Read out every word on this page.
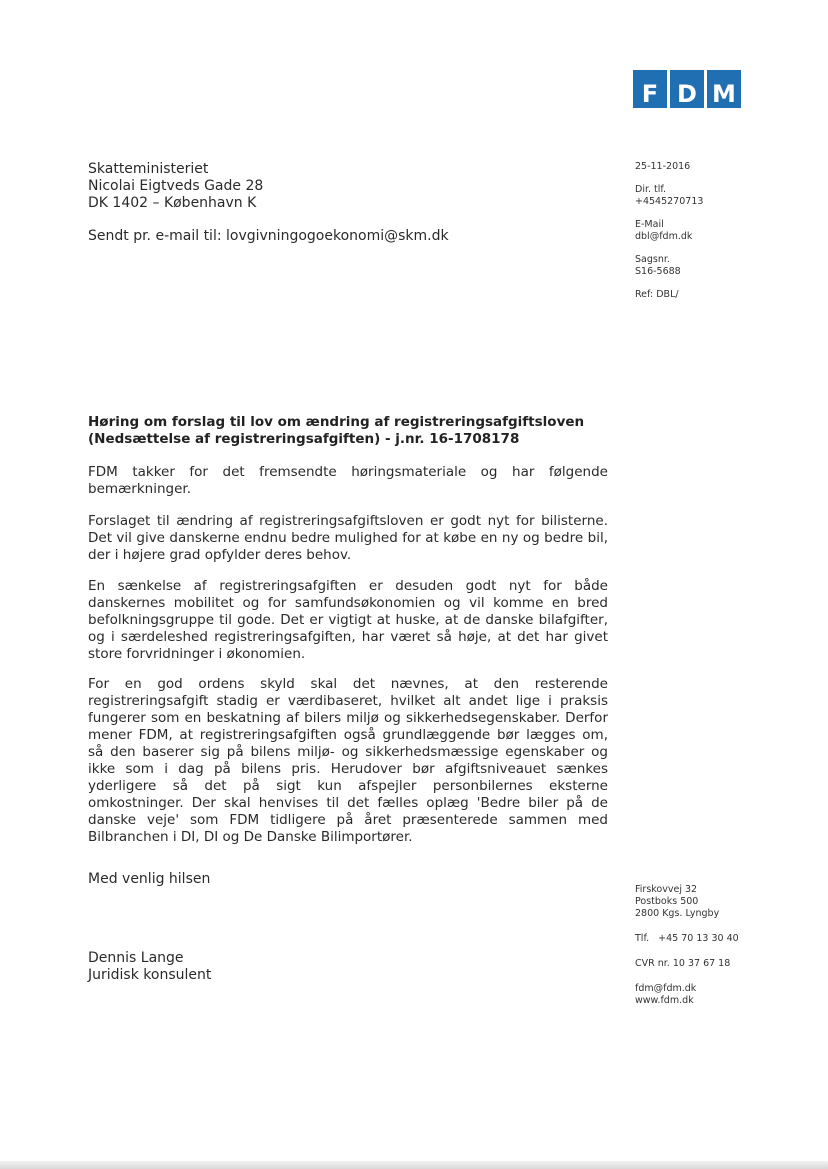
F D M
Skatteministeriet
Nicolai Eigtveds Gade 28
DK 1402 – København K
Sendt pr. e-mail til: lovgivningogoekonomi@skm.dk
25-11-2016
Dir. tlf.
+4545270713
E-Mail
dbl@fdm.dk
Sagsnr.
S16-5688
Ref: DBL/
Høring om forslag til lov om ændring af registreringsafgiftsloven (Nedsættelse af registreringsafgiften) - j.nr. 16-1708178
FDM takker for det fremsendte høringsmateriale og har følgende bemærkninger.
Forslaget til ændring af registreringsafgiftsloven er godt nyt for bilisterne. Det vil give danskerne endnu bedre mulighed for at købe en ny og bedre bil, der i højere grad opfylder deres behov.
En sænkelse af registreringsafgiften er desuden godt nyt for både danskernes mobilitet og for samfundsøkonomien og vil komme en bred befolkningsgruppe til gode. Det er vigtigt at huske, at de danske bilafgifter, og i særdeleshed registreringsafgiften, har været så høje, at det har givet store forvridninger i økonomien.
For en god ordens skyld skal det nævnes, at den resterende registreringsafgift stadig er værdibaseret, hvilket alt andet lige i praksis fungerer som en beskatning af bilers miljø og sikkerhedsegenskaber. Derfor mener FDM, at registreringsafgiften også grundlæggende bør lægges om, så den baserer sig på bilens miljø- og sikkerhedsmæssige egenskaber og ikke som i dag på bilens pris. Herudover bør afgiftsniveauet sænkes yderligere så det på sigt kun afspejler personbilernes eksterne omkostninger. Der skal henvises til det fælles oplæg 'Bedre biler på de danske veje' som FDM tidligere på året præsenterede sammen med Bilbranchen i DI, DI og De Danske Bilimportører.
Med venlig hilsen
Dennis Lange
Juridisk konsulent
Firskovvej 32
Postboks 500
2800 Kgs. Lyngby
Tlf.   +45 70 13 30 40
CVR nr. 10 37 67 18
fdm@fdm.dk
www.fdm.dk
